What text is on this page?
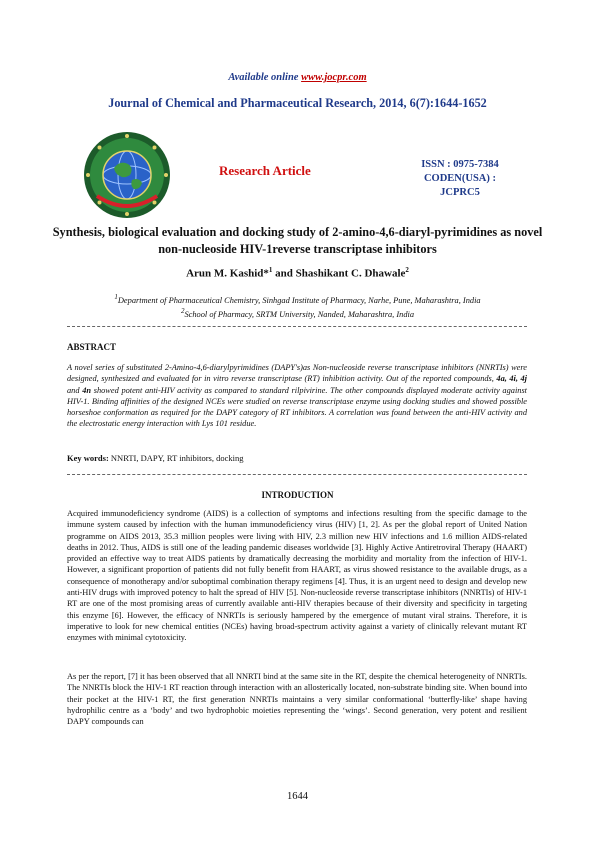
Available online www.jocpr.com
Journal of Chemical and Pharmaceutical Research, 2014, 6(7):1644-1652
Research Article	ISSN : 0975-7384
CODEN(USA) : JCPRC5
Synthesis, biological evaluation and docking study of 2-amino-4,6-diaryl-pyrimidines as novel non-nucleoside HIV-1reverse transcriptase inhibitors
Arun M. Kashid*$^1$ and Shashikant C. Dhawale$^2$
$^1$Department of Pharmaceutical Chemistry, Sinhgad Institute of Pharmacy, Narhe, Pune, Maharashtra, India
$^2$School of Pharmacy, SRTM University, Nanded, Maharashtra, India
ABSTRACT
A novel series of substituted 2-Amino-4,6-diarylpyrimidines (DAPY's)as Non-nucleoside reverse transcriptase inhibitors (NNRTIs) were designed, synthesized and evaluated for in vitro reverse transcriptase (RT) inhibition activity. Out of the reported compounds, 4a, 4i, 4j and 4n showed potent anti-HIV activity as compared to standard rilpivirine. The other compounds displayed moderate activity against HIV-1. Binding affinities of the designed NCEs were studied on reverse transcriptase enzyme using docking studies and showed possible horseshoe conformation as required for the DAPY category of RT inhibitors. A correlation was found between the anti-HIV activity and the electrostatic energy interaction with Lys 101 residue.
Key words: NNRTI, DAPY, RT inhibitors, docking
INTRODUCTION
Acquired immunodeficiency syndrome (AIDS) is a collection of symptoms and infections resulting from the specific damage to the immune system caused by infection with the human immunodeficiency virus (HIV) [1, 2]. As per the global report of United Nation programme on AIDS 2013, 35.3 million peoples were living with HIV, 2.3 million new HIV infections and 1.6 million AIDS-related deaths in 2012. Thus, AIDS is still one of the leading pandemic diseases worldwide [3]. Highly Active Antiretroviral Therapy (HAART) provided an effective way to treat AIDS patients by dramatically decreasing the morbidity and mortality from the infection of HIV-1. However, a significant proportion of patients did not fully benefit from HAART, as virus showed resistance to the available drugs, as a consequence of monotherapy and/or suboptimal combination therapy regimens [4]. Thus, it is an urgent need to design and develop new anti-HIV drugs with improved potency to halt the spread of HIV [5]. Non-nucleoside reverse transcriptase inhibitors (NNRTIs) of HIV-1 RT are one of the most promising areas of currently available anti-HIV therapies because of their diversity and specificity in targeting this enzyme [6]. However, the efficacy of NNRTIs is seriously hampered by the emergence of mutant viral strains. Therefore, it is imperative to look for new chemical entities (NCEs) having broad-spectrum activity against a variety of clinically relevant mutant RT enzymes with minimal cytotoxicity.
As per the report, [7] it has been observed that all NNRTI bind at the same site in the RT, despite the chemical heterogeneity of NNRTIs. The NNRTIs block the HIV-1 RT reaction through interaction with an allosterically located, non-substrate binding site. When bound into their pocket at the HIV-1 RT, the first generation NNRTIs maintains a very similar conformational ‘butterfly-like’ shape having hydrophilic centre as a ‘body’ and two hydrophobic moieties representing the ‘wings’. Second generation, very potent and resilient DAPY compounds can
1644
